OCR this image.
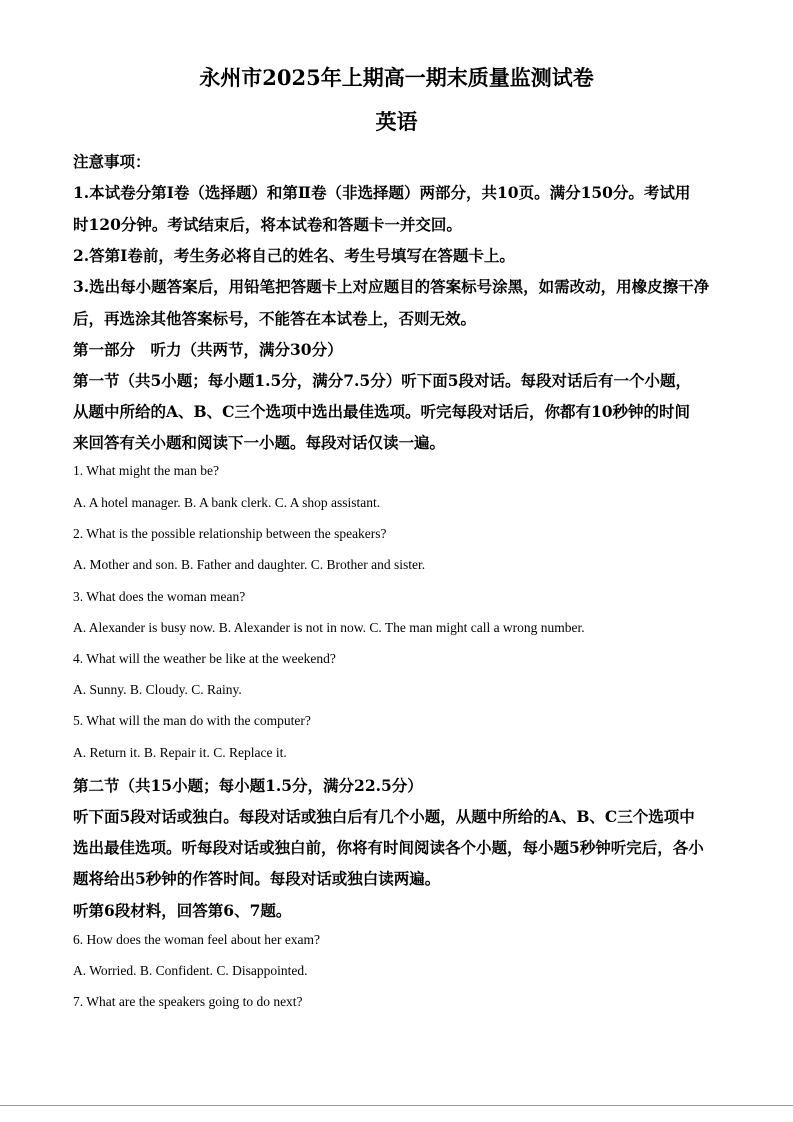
永州市2025年上期高一期末质量监测试卷
英语
注意事项：
1.本试卷分第Ⅰ卷（选择题）和第Ⅱ卷（非选择题）两部分，共10页。满分150分。考试用
时120分钟。考试结束后，将本试卷和答题卡一并交回。
2.答第Ⅰ卷前，考生务必将自己的姓名、考生号填写在答题卡上。
3.选出每小题答案后，用铅笔把答题卡上对应题目的答案标号涂黑，如需改动，用橡皮擦干净
后，再选涂其他答案标号，不能答在本试卷上，否则无效。
第一部分　听力（共两节，满分30分）
第一节（共5小题；每小题1.5分，满分7.5分）听下面5段对话。每段对话后有一个小题，
从题中所给的A、B、C三个选项中选出最佳选项。听完每段对话后，你都有10秒钟的时间
来回答有关小题和阅读下一小题。每段对话仅读一遍。
1. What might the man be?
A. A hotel manager. B. A bank clerk. C. A shop assistant.
2. What is the possible relationship between the speakers?
A. Mother and son. B. Father and daughter. C. Brother and sister.
3. What does the woman mean?
A. Alexander is busy now. B. Alexander is not in now. C. The man might call a wrong number.
4. What will the weather be like at the weekend?
A. Sunny. B. Cloudy. C. Rainy.
5. What will the man do with the computer?
A. Return it. B. Repair it. C. Replace it.
第二节（共15小题；每小题1.5分，满分22.5分）
听下面5段对话或独白。每段对话或独白后有几个小题，从题中所给的A、B、C三个选项中
选出最佳选项。听每段对话或独白前，你将有时间阅读各个小题，每小题5秒钟听完后，各小
题将给出5秒钟的作答时间。每段对话或独白读两遍。
听第6段材料，回答第6、7题。
6. How does the woman feel about her exam?
A. Worried. B. Confident. C. Disappointed.
7. What are the speakers going to do next?
